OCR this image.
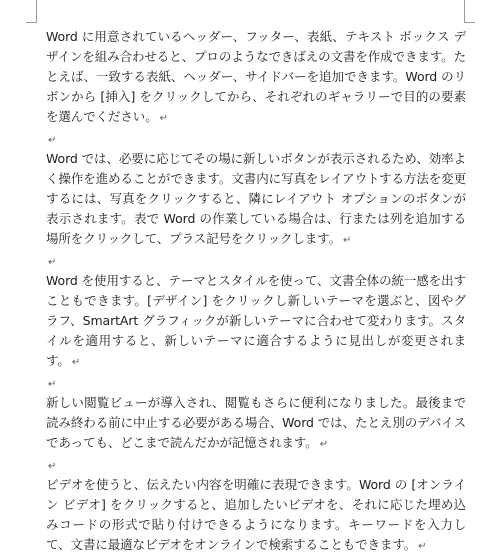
Word に用意されているヘッダー、フッター、表紙、テキスト ボックス デザインを組み合わせると、プロのようなできばえの文書を作成できます。たとえば、一致する表紙、ヘッダー、サイドバーを追加できます。Word のリボンから [挿入] をクリックしてから、それぞれのギャラリーで目的の要素を選んでください。 ↵

↵

Word では、必要に応じてその場に新しいボタンが表示されるため、効率よく操作を進めることができます。文書内に写真をレイアウトする方法を変更するには、写真をクリックすると、隣にレイアウト オプションのボタンが表示されます。表で Word の作業している場合は、行または列を追加する場所をクリックして、プラス記号をクリックします。 ↵

↵

Word を使用すると、テーマとスタイルを使って、文書全体の統一感を出すこともできます。[デザイン] をクリックし新しいテーマを選ぶと、図やグラフ、SmartArt グラフィックが新しいテーマに合わせて変わります。スタイルを適用すると、新しいテーマに適合するように見出しが変更されます。 ↵

↵

新しい閲覧ビューが導入され、閲覧もさらに便利になりました。最後まで読み終わる前に中止する必要がある場合、Word では、たとえ別のデバイスであっても、どこまで読んだかが記憶されます。 ↵

↵

ビデオを使うと、伝えたい内容を明確に表現できます。Word の [オンライン ビデオ] をクリックすると、追加したいビデオを、それに応じた埋め込みコードの形式で貼り付けできるようになります。キーワードを入力して、文書に最適なビデオをオンラインで検索することもできます。 ↵
